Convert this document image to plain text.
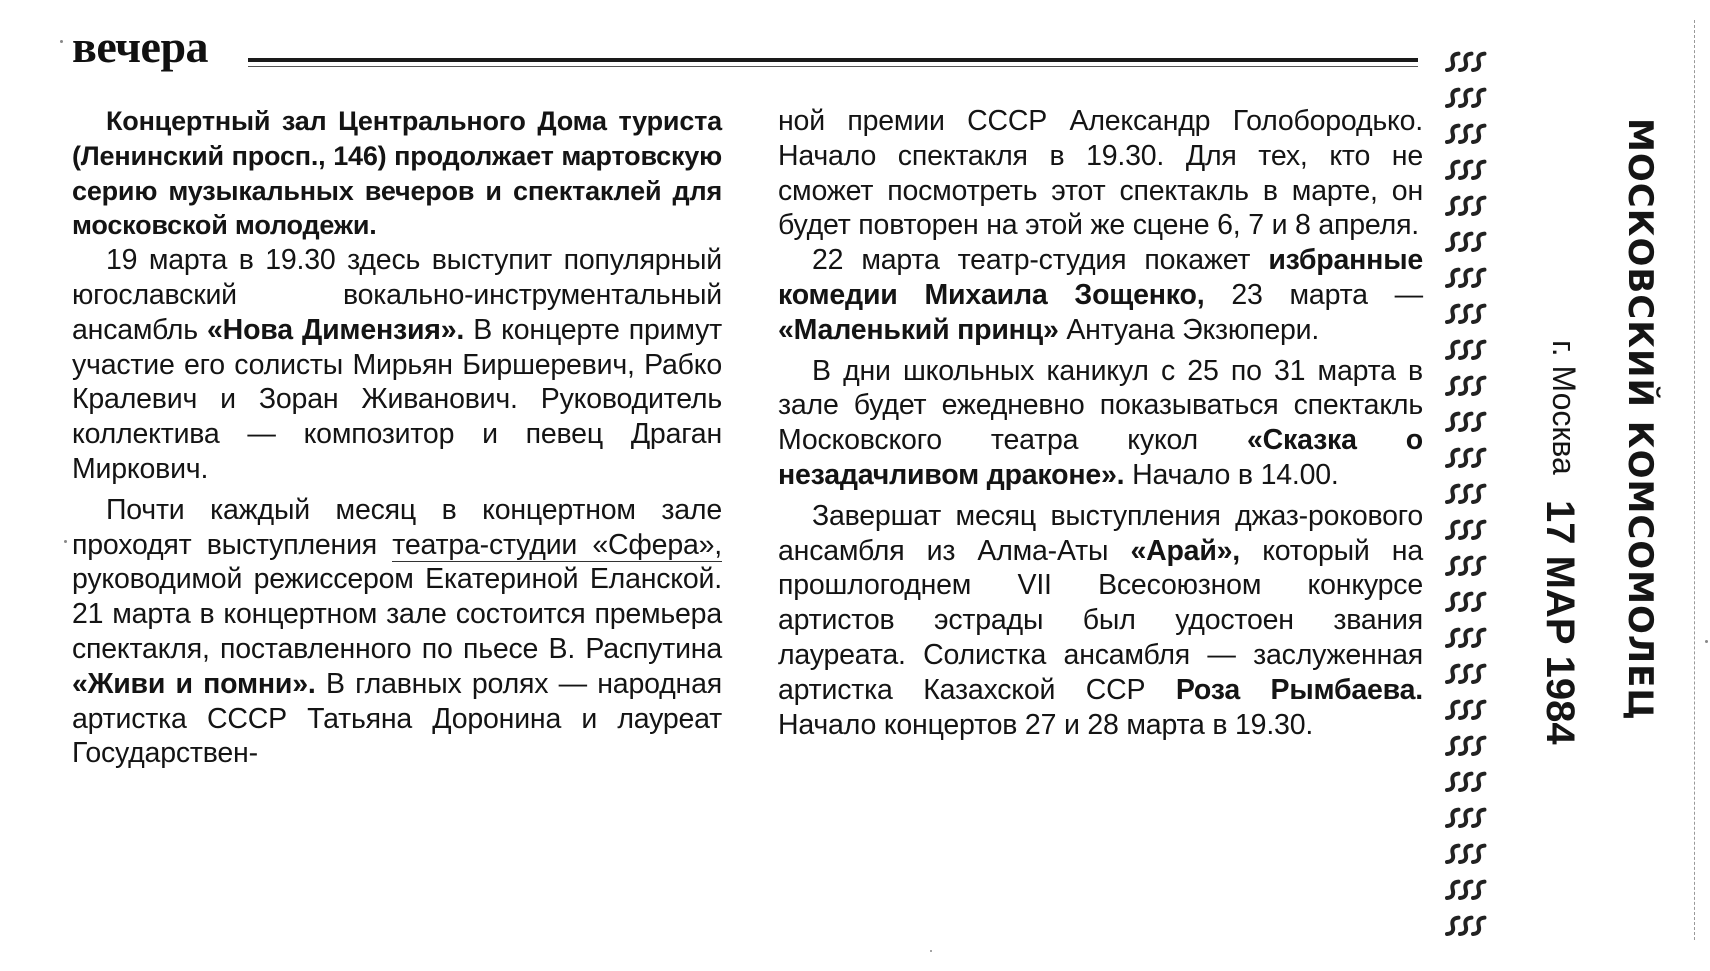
вечера

Концертный зал Центрального Дома туриста (Ленинский просп., 146) продолжает мартовскую серию музыкальных вечеров и спектаклей для московской молодежи.

19 марта в 19.30 здесь выступит популярный югославский вокально-инструментальный ансамбль «Нова Димензия». В концерте примут участие его солисты Мирьян Биршеревич, Рабко Кралевич и Зоран Живанович. Руководитель коллектива — композитор и певец Драган Миркович.

Почти каждый месяц в концертном зале проходят выступления театра-студии «Сфера», руководимой режиссером Екатериной Еланской. 21 марта в концертном зале состоится премьера спектакля, поставленного по пьесе В. Распутина «Живи и помни». В главных ролях — народная артистка СССР Татьяна Доронина и лауреат Государствен-

ной премии СССР Александр Голобородько. Начало спектакля в 19.30. Для тех, кто не сможет посмотреть этот спектакль в марте, он будет повторен на этой же сцене 6, 7 и 8 апреля.

22 марта театр-студия покажет избранные комедии Михаила Зощенко, 23 марта — «Маленький принц» Антуана Экзюпери.

В дни школьных каникул с 25 по 31 марта в зале будет ежедневно показываться спектакль Московского театра кукол «Сказка о незадачливом драконе». Начало в 14.00.

Завершат месяц выступления джаз-рокового ансамбля из Алма-Аты «Арай», который на прошлогоднем VII Всесоюзном конкурсе артистов эстрады был удостоен звания лауреата. Солистка ансамбля — заслуженная артистка Казахской ССР Роза Рымбаева. Начало концертов 27 и 28 марта в 19.30.

МОСКОВСКИЙ КОМСОМОЛЕЦ
г. Москва
17 МАР 1984
